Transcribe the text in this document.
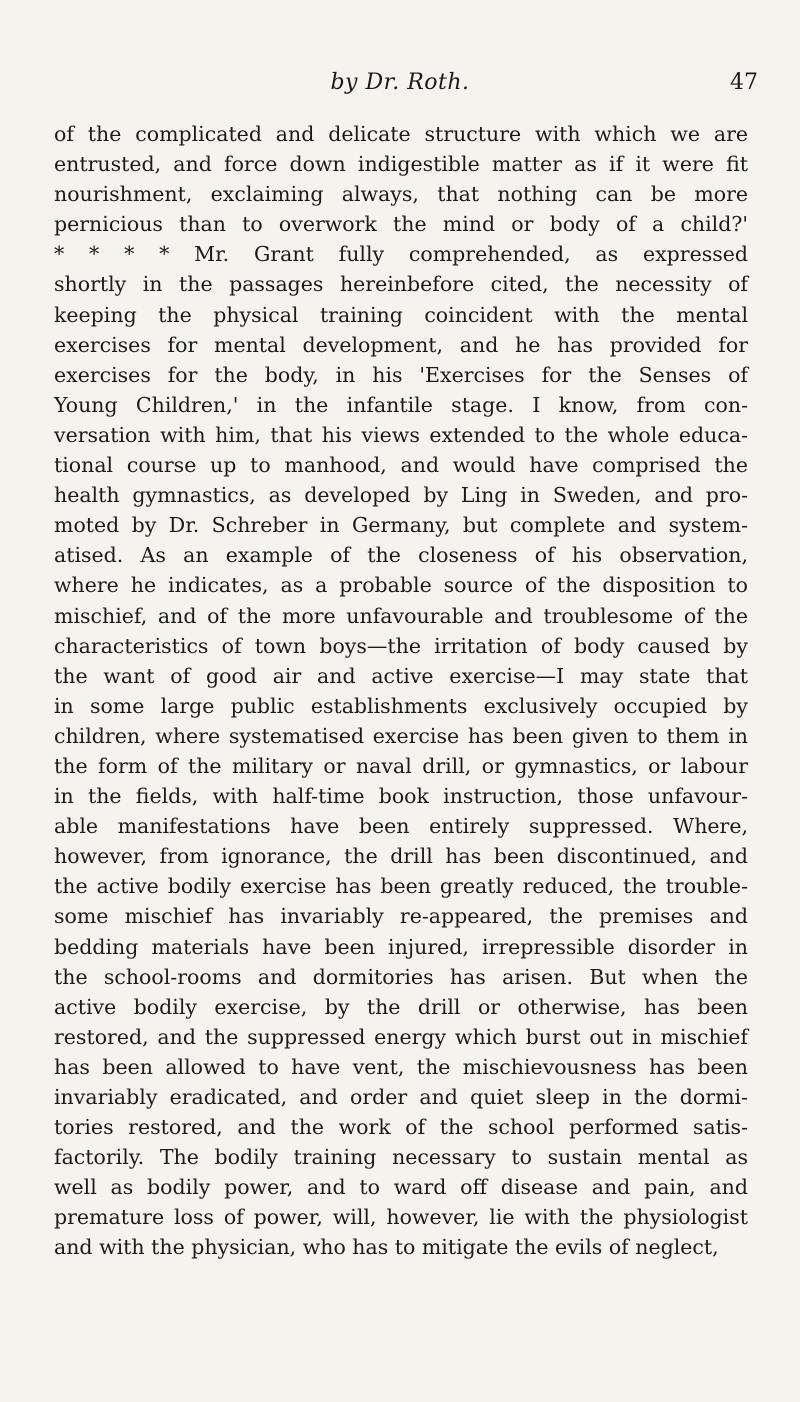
by Dr. Roth.	47
of the complicated and delicate structure with which we are
entrusted, and force down indigestible matter as if it were fit
nourishment, exclaiming always, that nothing can be more
pernicious than to overwork the mind or body of a child?'
* * * * Mr. Grant fully comprehended, as expressed
shortly in the passages hereinbefore cited, the necessity of
keeping the physical training coincident with the mental
exercises for mental development, and he has provided for
exercises for the body, in his 'Exercises for the Senses of
Young Children,' in the infantile stage. I know, from con-
versation with him, that his views extended to the whole educa-
tional course up to manhood, and would have comprised the
health gymnastics, as developed by Ling in Sweden, and pro-
moted by Dr. Schreber in Germany, but complete and system-
atised. As an example of the closeness of his observation,
where he indicates, as a probable source of the disposition to
mischief, and of the more unfavourable and troublesome of the
characteristics of town boys—the irritation of body caused by
the want of good air and active exercise—I may state that
in some large public establishments exclusively occupied by
children, where systematised exercise has been given to them in
the form of the military or naval drill, or gymnastics, or labour
in the fields, with half-time book instruction, those unfavour-
able manifestations have been entirely suppressed. Where,
however, from ignorance, the drill has been discontinued, and
the active bodily exercise has been greatly reduced, the trouble-
some mischief has invariably re-appeared, the premises and
bedding materials have been injured, irrepressible disorder in
the school-rooms and dormitories has arisen. But when the
active bodily exercise, by the drill or otherwise, has been
restored, and the suppressed energy which burst out in mischief
has been allowed to have vent, the mischievousness has been
invariably eradicated, and order and quiet sleep in the dormi-
tories restored, and the work of the school performed satis-
factorily. The bodily training necessary to sustain mental as
well as bodily power, and to ward off disease and pain, and
premature loss of power, will, however, lie with the physiologist
and with the physician, who has to mitigate the evils of neglect,
